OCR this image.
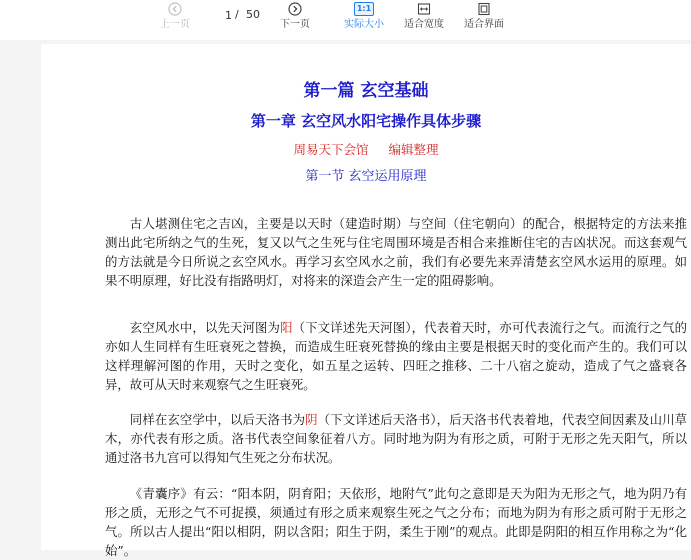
上一页
1
/ 50
下一页
1:1
实际大小	适合宽度	适合界面
第一篇 玄空基础
第一章 玄空风水阳宅操作具体步骤
周易天下会馆 编辑整理
第一节 玄空运用原理
古人堪测住宅之吉凶，主要是以天时（建造时期）与空间（住宅朝向）的配合，根据特定的方法来推测出此宅所纳之气的生死，复又以气之生死与住宅周围环境是否相合来推断住宅的吉凶状况。而这套观气的方法就是今日所说之玄空风水。再学习玄空风水之前，我们有必要先来弄清楚玄空风水运用的原理。如果不明原理，好比没有指路明灯，对将来的深造会产生一定的阻碍影响。
玄空风水中，以先天河图为阳（下文详述先天河图），代表着天时，亦可代表流行之气。而流行之气的亦如人生同样有生旺衰死之替换，而造成生旺衰死替换的缘由主要是根据天时的变化而产生的。我们可以这样理解河图的作用，天时之变化，如五星之运转、四旺之推移、二十八宿之旋动，造成了气之盛衰各异，故可从天时来观察气之生旺衰死。
同样在玄空学中，以后天洛书为阴（下文详述后天洛书），后天洛书代表着地，代表空间因素及山川草木，亦代表有形之质。洛书代表空间象征着八方。同时地为阴为有形之质，可附于无形之先天阳气，所以通过洛书九宫可以得知气生死之分布状况。
《青囊序》有云：“阳本阴，阴育阳；天依形，地附气”此句之意即是天为阳为无形之气，地为阴乃有形之质，无形之气不可捉摸，须通过有形之质来观察生死之气之分布；而地为阴为有形之质可附于无形之气。所以古人提出“阳以相阴，阴以含阳；阳生于阴，柔生于刚”的观点。此即是阴阳的相互作用称之为“化始”。
